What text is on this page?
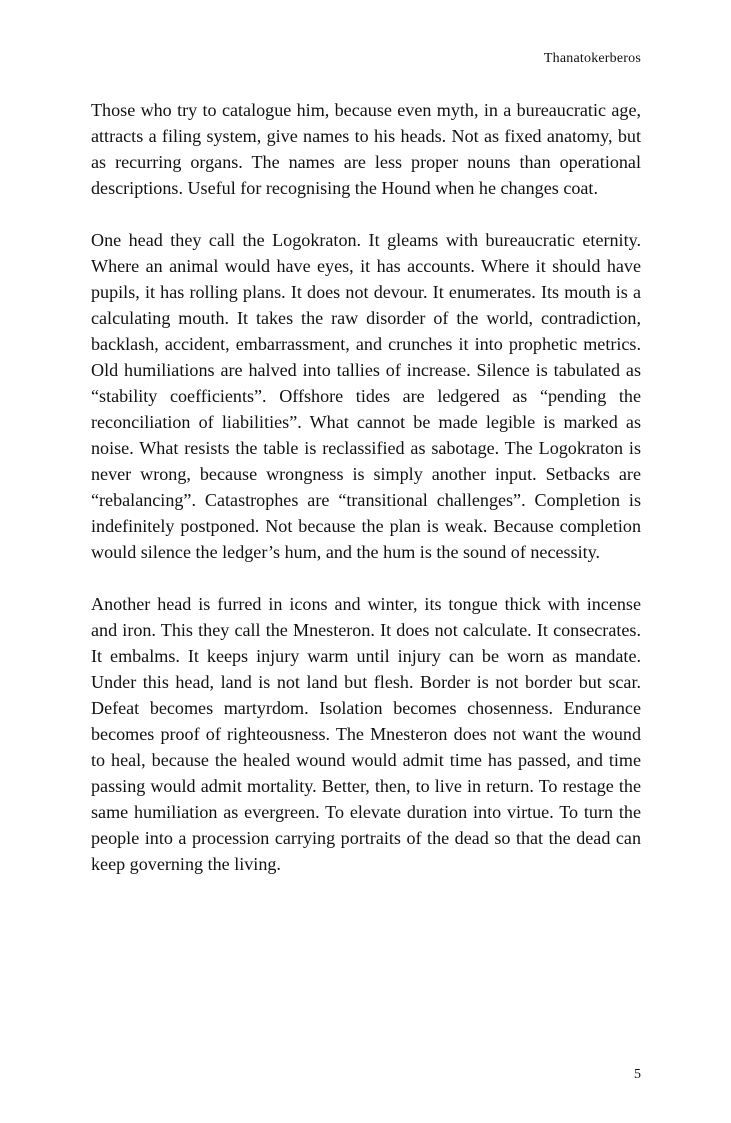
Thanatokerberos

Those who try to catalogue him, because even myth, in a bureaucratic age, attracts a filing system, give names to his heads. Not as fixed anatomy, but as recurring organs. The names are less proper nouns than operational descriptions. Useful for recognising the Hound when he changes coat.

One head they call the Logokraton. It gleams with bureaucratic eternity. Where an animal would have eyes, it has accounts. Where it should have pupils, it has rolling plans. It does not devour. It enumerates. Its mouth is a calculating mouth. It takes the raw disorder of the world, contradiction, backlash, accident, embarrassment, and crunches it into prophetic metrics. Old humiliations are halved into tallies of increase. Silence is tabulated as “stability coefficients”. Offshore tides are ledgered as “pending the reconciliation of liabilities”. What cannot be made legible is marked as noise. What resists the table is reclassified as sabotage. The Logokraton is never wrong, because wrongness is simply another input. Setbacks are “rebalancing”. Catastrophes are “transitional challenges”. Completion is indefinitely postponed. Not because the plan is weak. Because completion would silence the ledger’s hum, and the hum is the sound of necessity.

Another head is furred in icons and winter, its tongue thick with incense and iron. This they call the Mnesteron. It does not calculate. It consecrates. It embalms. It keeps injury warm until injury can be worn as mandate. Under this head, land is not land but flesh. Border is not border but scar. Defeat becomes martyrdom. Isolation becomes chosenness. Endurance becomes proof of righteousness. The Mnesteron does not want the wound to heal, because the healed wound would admit time has passed, and time passing would admit mortality. Better, then, to live in return. To restage the same humiliation as evergreen. To elevate duration into virtue. To turn the people into a procession carrying portraits of the dead so that the dead can keep governing the living.

5
